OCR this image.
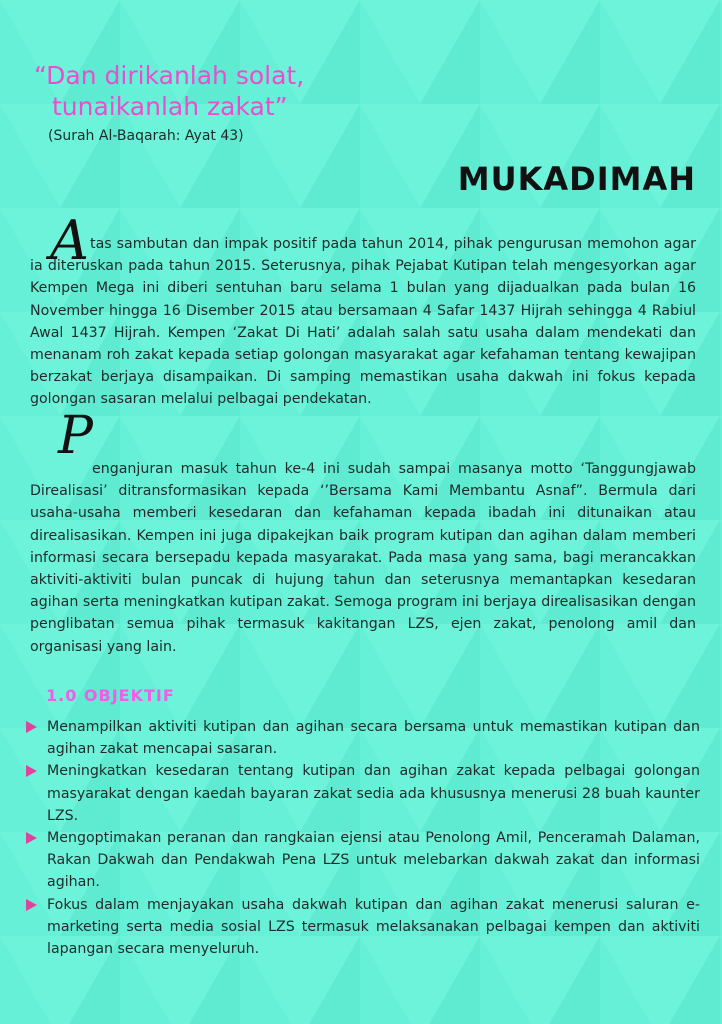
“Dan dirikanlah solat,
tunaikanlah zakat”
(Surah Al-Baqarah: Ayat 43)
MUKADIMAH
A tas sambutan dan impak positif pada tahun 2014, pihak pengurusan memohon agar ia diteruskan pada tahun 2015. Seterusnya, pihak Pejabat Kutipan telah mengesyorkan agar Kempen Mega ini diberi sentuhan baru selama 1 bulan yang dijadualkan pada bulan 16 November hingga 16 Disember 2015 atau bersamaan 4 Safar 1437 Hijrah sehingga 4 Rabiul Awal 1437 Hijrah. Kempen ‘Zakat Di Hati’ adalah salah satu usaha dalam mendekati dan menanam roh zakat kepada setiap golongan masyarakat agar kefahaman tentang kewajipan berzakat berjaya disampaikan. Di samping memastikan usaha dakwah ini fokus kepada golongan sasaran melalui pelbagai pendekatan.
P
enganjuran masuk tahun ke-4 ini sudah sampai masanya motto ‘Tanggungjawab Direalisasi’ ditransformasikan kepada ‘’Bersama Kami Membantu Asnaf”. Bermula dari usaha-usaha memberi kesedaran dan kefahaman kepada ibadah ini ditunaikan atau direalisasikan. Kempen ini juga dipakejkan baik program kutipan dan agihan dalam memberi informasi secara bersepadu kepada masyarakat. Pada masa yang sama, bagi merancakkan aktiviti-aktiviti bulan puncak di hujung tahun dan seterusnya memantapkan kesedaran agihan serta meningkatkan kutipan zakat. Semoga program ini berjaya direalisasikan dengan penglibatan semua pihak termasuk kakitangan LZS, ejen zakat, penolong amil dan organisasi yang lain.
1.0 OBJEKTIF
Menampilkan aktiviti kutipan dan agihan secara bersama untuk memastikan kutipan dan agihan zakat mencapai sasaran.
Meningkatkan kesedaran tentang kutipan dan agihan zakat kepada pelbagai golongan masyarakat dengan kaedah bayaran zakat sedia ada khususnya menerusi 28 buah kaunter LZS.
Mengoptimakan peranan dan rangkaian ejensi atau Penolong Amil, Penceramah Dalaman, Rakan Dakwah dan Pendakwah Pena LZS untuk melebarkan dakwah zakat dan informasi agihan.
Fokus dalam menjayakan usaha dakwah kutipan dan agihan zakat menerusi saluran e-marketing serta media sosial LZS termasuk melaksanakan pelbagai kempen dan aktiviti lapangan secara menyeluruh.
